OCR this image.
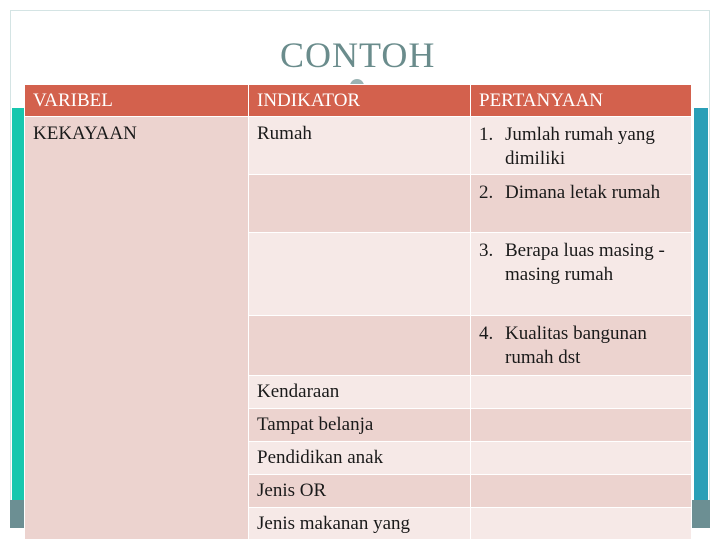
CONTOH
VARIBEL	INDIKATOR	PERTANYAAN
KEKAYAAN	Rumah	1. Jumlah rumah yang dimiliki

		2. Dimana letak rumah

		3. Berapa luas masing -masing rumah

		4. Kualitas bangunan rumah dst

	Kendaraan	
	Tampat belanja	
	Pendidikan anak	
	Jenis OR	
	Jenis makanan yang	
